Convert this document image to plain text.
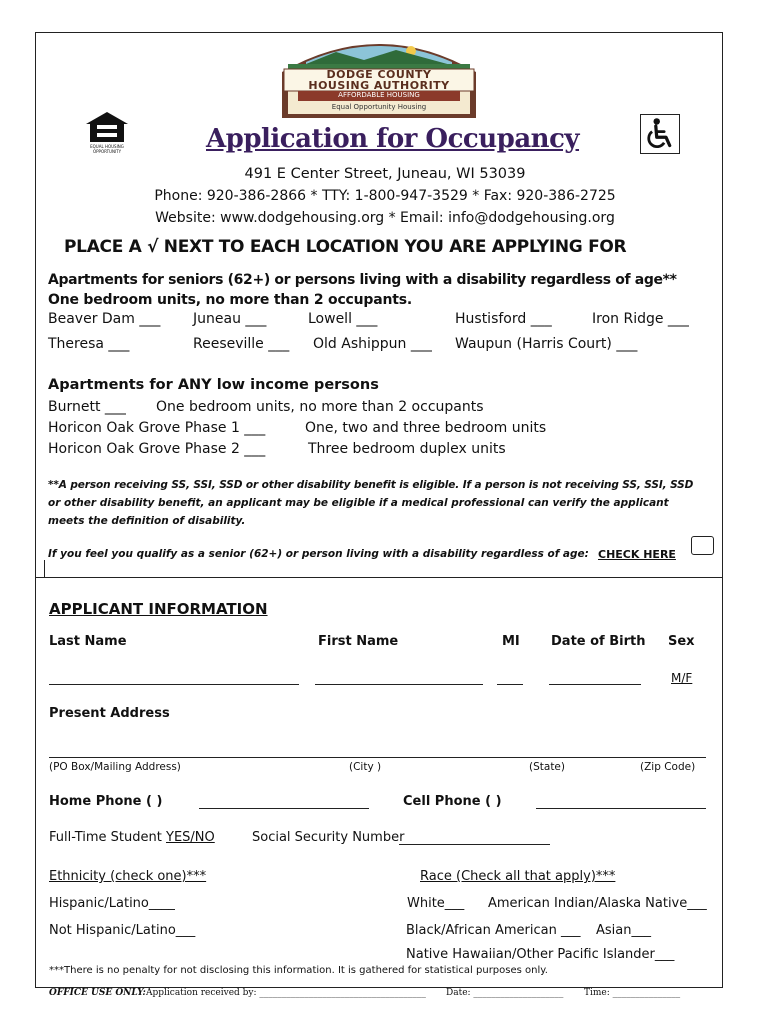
DODGE COUNTY
HOUSING AUTHORITY
AFFORDABLE HOUSING
Equal Opportunity Housing
EQUAL HOUSING OPPORTUNITY	Application for Occupancy
491 E Center Street, Juneau, WI 53039
Phone: 920-386-2866 * TTY: 1-800-947-3529 * Fax: 920-386-2725
Website: www.dodgehousing.org * Email: info@dodgehousing.org
PLACE A √ NEXT TO EACH LOCATION YOU ARE APPLYING FOR
Apartments for seniors (62+) or persons living with a disability regardless of age**
One bedroom units, no more than 2 occupants.
Beaver Dam ___ Juneau ___	Lowell ___	Hustisford ___	Iron Ridge ___
Theresa ___	Reeseville ___ Old Ashippun ___ Waupun (Harris Court) ___
Apartments for ANY low income persons
Burnett ___ One bedroom units, no more than 2 occupants
Horicon Oak Grove Phase 1 ___	One, two and three bedroom units
Horicon Oak Grove Phase 2 ___	Three bedroom duplex units
**A person receiving SS, SSI, SSD or other disability benefit is eligible. If a person is not receiving SS, SSI, SSD
or other disability benefit, an applicant may be eligible if a medical professional can verify the applicant
meets the definition of disability.
If you feel you qualify as a senior (62+) or person living with a disability regardless of age: CHECK HERE
APPLICANT INFORMATION
Last Name	First Name	MI Date of Birth Sex
M/F
Present Address
(PO Box/Mailing Address)	(City )	(State)	(Zip Code)
Home Phone ( )	Cell Phone ( )
Full-Time Student YES/NO	Social Security Number
Ethnicity (check one)***	Race (Check all that apply)***
Hispanic/Latino____	White___ American Indian/Alaska Native___
Not Hispanic/Latino___	Black/African American ___ Asian___
Native Hawaiian/Other Pacific Islander___
***There is no penalty for not disclosing this information. It is gathered for statistical purposes only.
OFFICE USE ONLY: Application received by: _____________________________________ Date: ____________________ Time: _______________
